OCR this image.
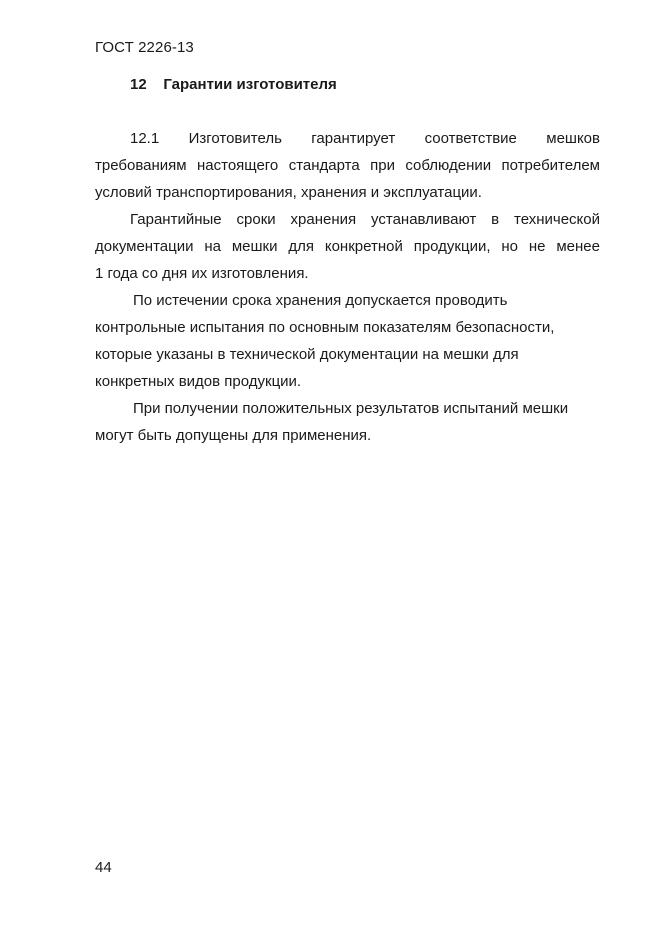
ГОСТ 2226-13
12    Гарантии изготовителя

12.1 Изготовитель гарантирует соответствие мешков
требованиям настоящего стандарта при соблюдении потребителем
условий транспортирования, хранения и эксплуатации.

Гарантийные сроки хранения устанавливают в технической
документации на мешки для конкретной продукции, но не менее
1 года со дня их изготовления.

По истечении срока хранения допускается проводить
контрольные испытания по основным показателям безопасности,
которые указаны в технической документации на мешки для
конкретных видов продукции.

При получении положительных результатов испытаний мешки
могут быть допущены для применения.

44
